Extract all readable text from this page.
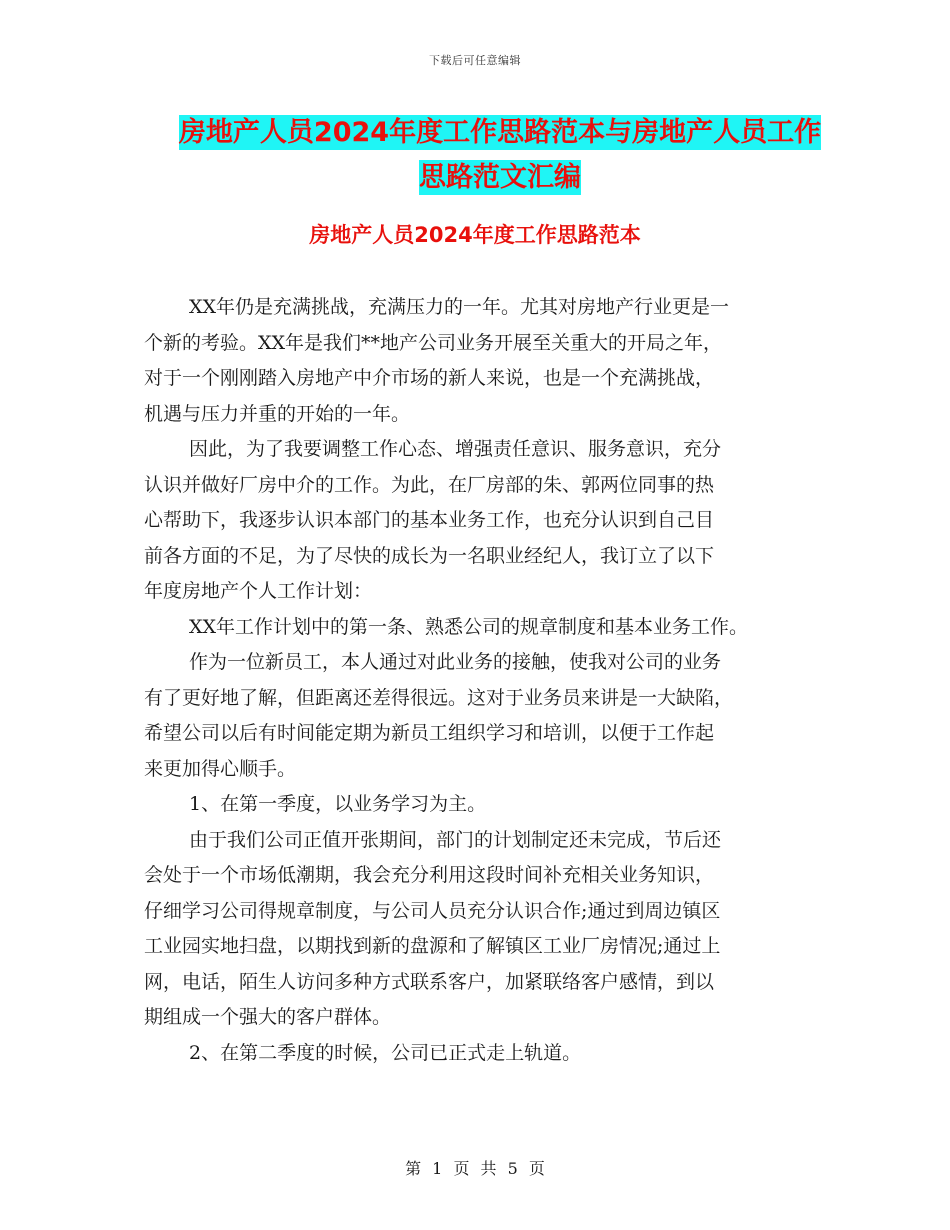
下载后可任意编辑
房地产人员2024年度工作思路范本与房地产人员工作
思路范文汇编
房地产人员2024年度工作思路范本
XX年仍是充满挑战，充满压力的一年。尤其对房地产行业更是一
个新的考验。XX年是我们**地产公司业务开展至关重大的开局之年，
对于一个刚刚踏入房地产中介市场的新人来说，也是一个充满挑战，
机遇与压力并重的开始的一年。
因此，为了我要调整工作心态、增强责任意识、服务意识，充分
认识并做好厂房中介的工作。为此，在厂房部的朱、郭两位同事的热
心帮助下，我逐步认识本部门的基本业务工作，也充分认识到自己目
前各方面的不足，为了尽快的成长为一名职业经纪人，我订立了以下
年度房地产个人工作计划：
XX年工作计划中的第一条、熟悉公司的规章制度和基本业务工作。
作为一位新员工，本人通过对此业务的接触，使我对公司的业务
有了更好地了解，但距离还差得很远。这对于业务员来讲是一大缺陷，
希望公司以后有时间能定期为新员工组织学习和培训，以便于工作起
来更加得心顺手。
1、在第一季度，以业务学习为主。
由于我们公司正值开张期间，部门的计划制定还未完成，节后还
会处于一个市场低潮期，我会充分利用这段时间补充相关业务知识，
仔细学习公司得规章制度，与公司人员充分认识合作;通过到周边镇区
工业园实地扫盘，以期找到新的盘源和了解镇区工业厂房情况;通过上
网，电话，陌生人访问多种方式联系客户，加紧联络客户感情，到以
期组成一个强大的客户群体。
2、在第二季度的时候，公司已正式走上轨道。
第 1 页 共 5 页
